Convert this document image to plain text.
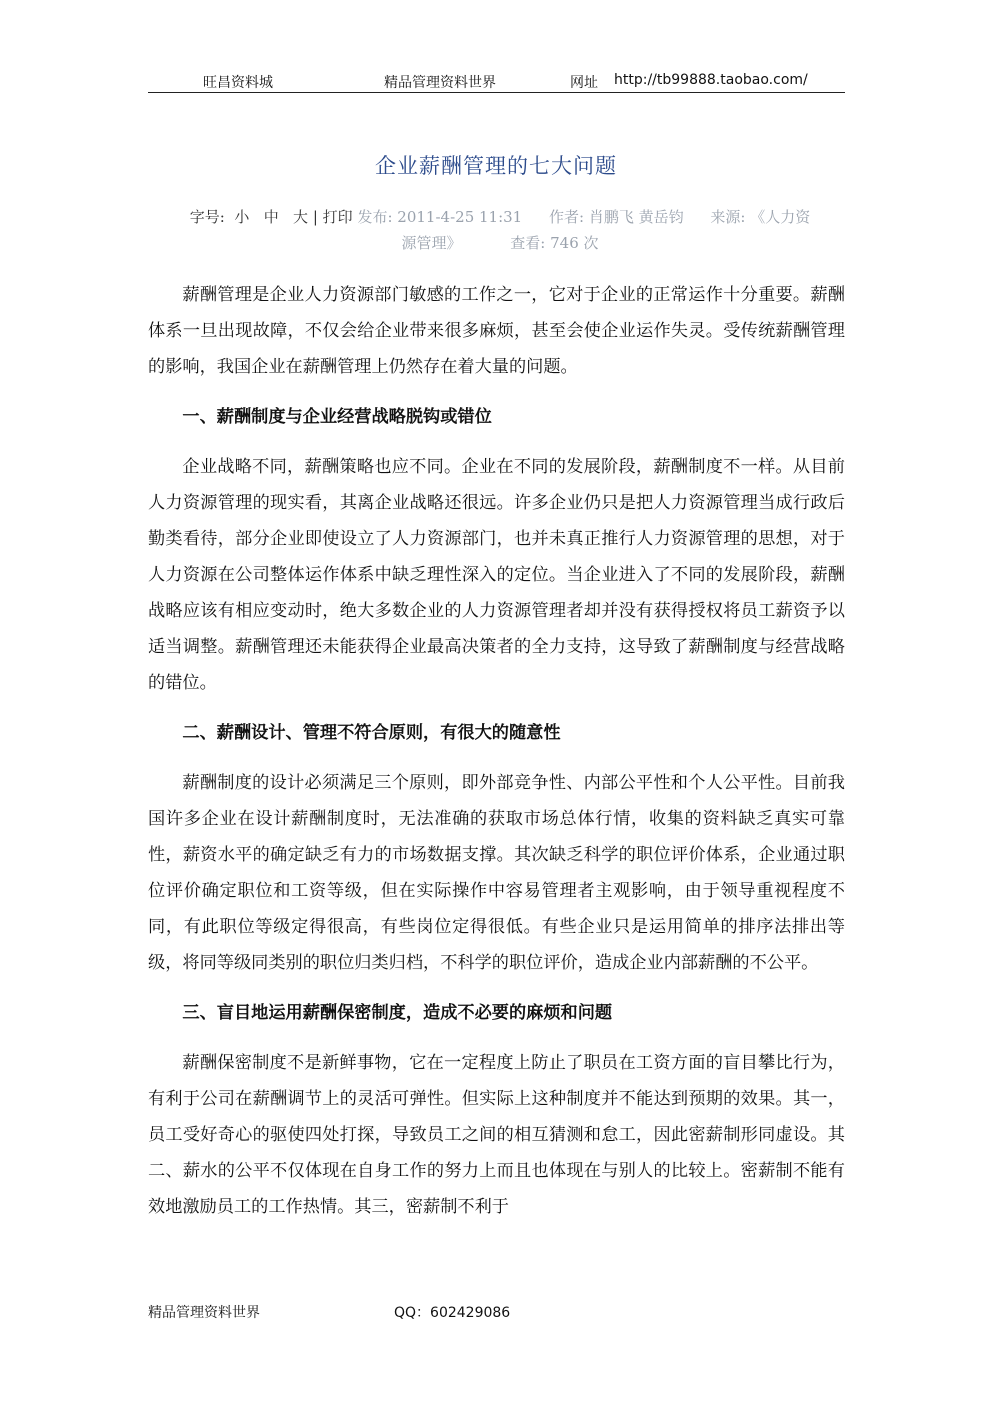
旺昌资料城	精品管理资料世界	网址 http://tb99888.taobao.com/
企业薪酬管理的七大问题
字号: 小 中 大 | 打印 发布: 2011-4-25 11:31 作者: 肖鹏飞 黄岳钧 来源: 《人力资
源管理》	查看: 746 次

薪酬管理是企业人力资源部门敏感的工作之一，它对于企业的正常运作十分重要。薪酬体系一旦出现故障，不仅会给企业带来很多麻烦，甚至会使企业运作失灵。受传统薪酬管理的影响，我国企业在薪酬管理上仍然存在着大量的问题。

一、薪酬制度与企业经营战略脱钩或错位

企业战略不同，薪酬策略也应不同。企业在不同的发展阶段，薪酬制度不一样。从目前人力资源管理的现实看，其离企业战略还很远。许多企业仍只是把人力资源管理当成行政后勤类看待，部分企业即使设立了人力资源部门，也并未真正推行人力资源管理的思想，对于人力资源在公司整体运作体系中缺乏理性深入的定位。当企业进入了不同的发展阶段，薪酬战略应该有相应变动时，绝大多数企业的人力资源管理者却并没有获得授权将员工薪资予以适当调整。薪酬管理还未能获得企业最高决策者的全力支持，这导致了薪酬制度与经营战略的错位。

二、薪酬设计、管理不符合原则，有很大的随意性

薪酬制度的设计必须满足三个原则，即外部竞争性、内部公平性和个人公平性。目前我国许多企业在设计薪酬制度时，无法准确的获取市场总体行情，收集的资料缺乏真实可靠性，薪资水平的确定缺乏有力的市场数据支撑。其次缺乏科学的职位评价体系，企业通过职位评价确定职位和工资等级，但在实际操作中容易管理者主观影响，由于领导重视程度不同，有此职位等级定得很高，有些岗位定得很低。有些企业只是运用简单的排序法排出等级，将同等级同类别的职位归类归档，不科学的职位评价，造成企业内部薪酬的不公平。

三、盲目地运用薪酬保密制度，造成不必要的麻烦和问题

薪酬保密制度不是新鲜事物，它在一定程度上防止了职员在工资方面的盲目攀比行为，有利于公司在薪酬调节上的灵活可弹性。但实际上这种制度并不能达到预期的效果。其一，员工受好奇心的驱使四处打探，导致员工之间的相互猜测和怠工，因此密薪制形同虚设。其二、薪水的公平不仅体现在自身工作的努力上而且也体现在与别人的比较上。密薪制不能有效地激励员工的工作热情。其三，密薪制不利于

精品管理资料世界	QQ：602429086
